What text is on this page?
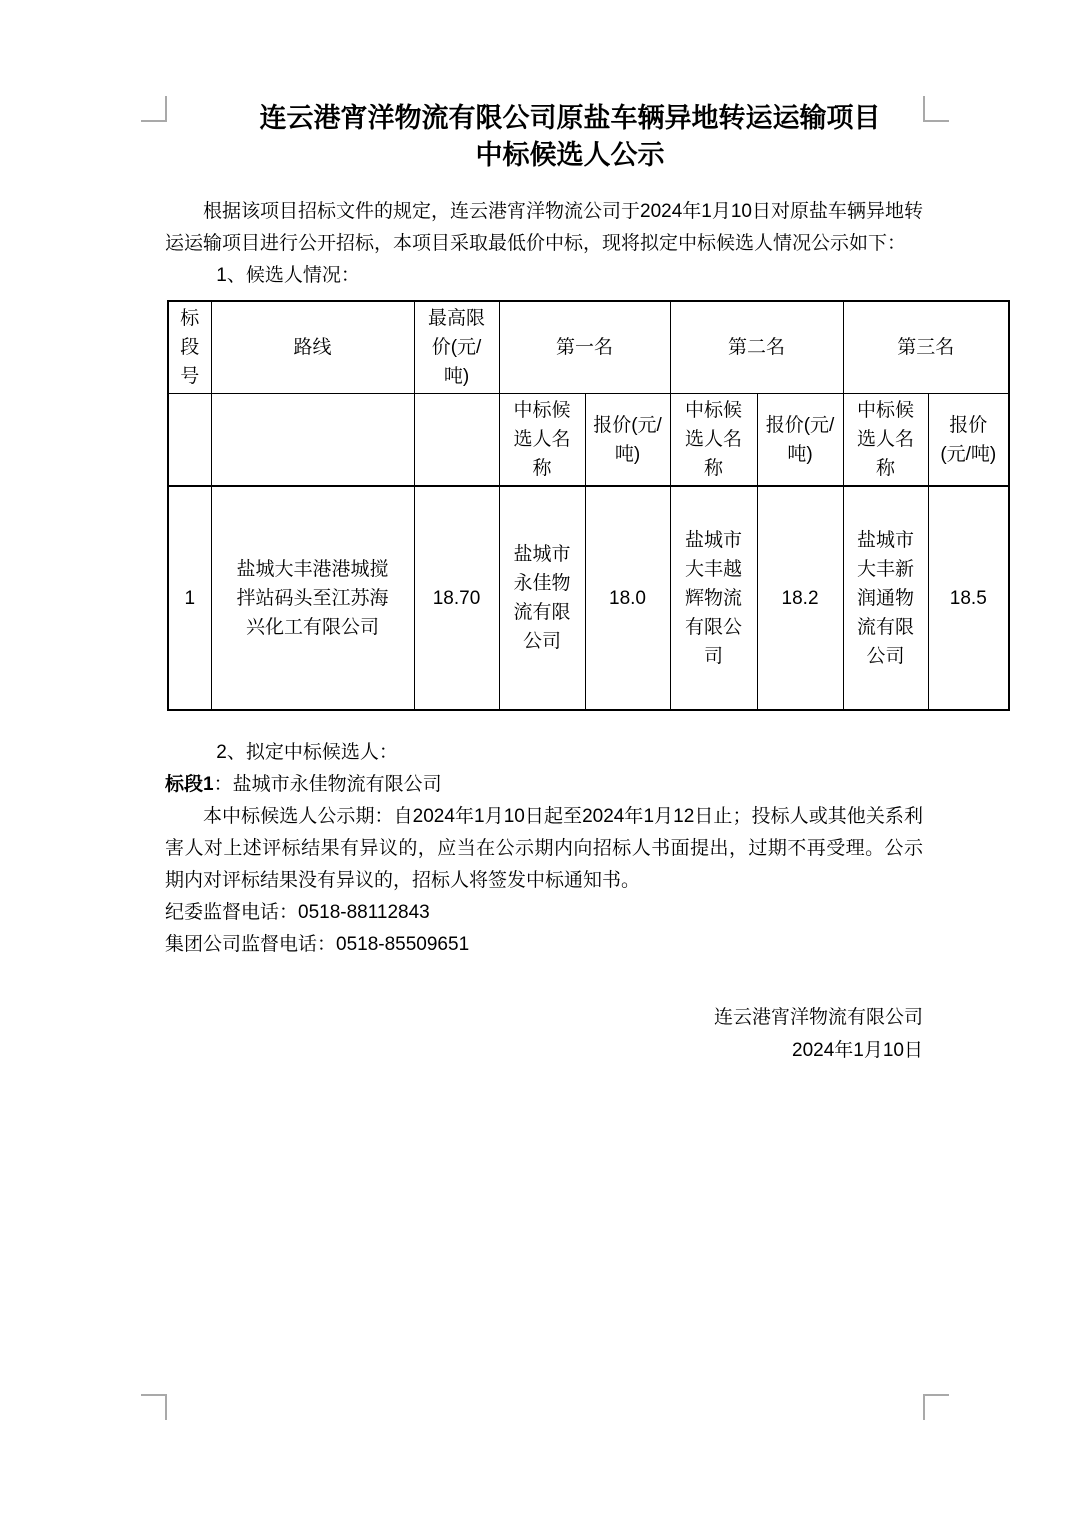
连云港宵洋物流有限公司原盐车辆异地转运运输项目
中标候选人公示

根据该项目招标文件的规定，连云港宵洋物流公司于2024年1月10日对原盐车辆异地转运运输项目进行公开招标，本项目采取最低价中标，现将拟定中标候选人情况公示如下：

1、候选人情况：
标段号	路线	最高限价(元/吨)	第一名		第二名		第三名	
			中标候选人名称	报价(元/吨)	中标候选人名称	报价(元/吨)	中标候选人名称	报价(元/吨)
1	盐城大丰港港城搅拌站码头至江苏海兴化工有限公司	18.70	盐城市永佳物流有限公司	18.0	盐城市大丰越辉物流有限公司	18.2	盐城市大丰新润通物流有限公司	18.5
2、拟定中标候选人：
标段1：盐城市永佳物流有限公司

本中标候选人公示期：自2024年1月10日起至2024年1月12日止；投标人或其他关系利害人对上述评标结果有异议的，应当在公示期内向招标人书面提出，过期不再受理。公示期内对评标结果没有异议的，招标人将签发中标通知书。

纪委监督电话：0518-88112843
集团公司监督电话：0518-85509651
连云港宵洋物流有限公司
2024年1月10日
